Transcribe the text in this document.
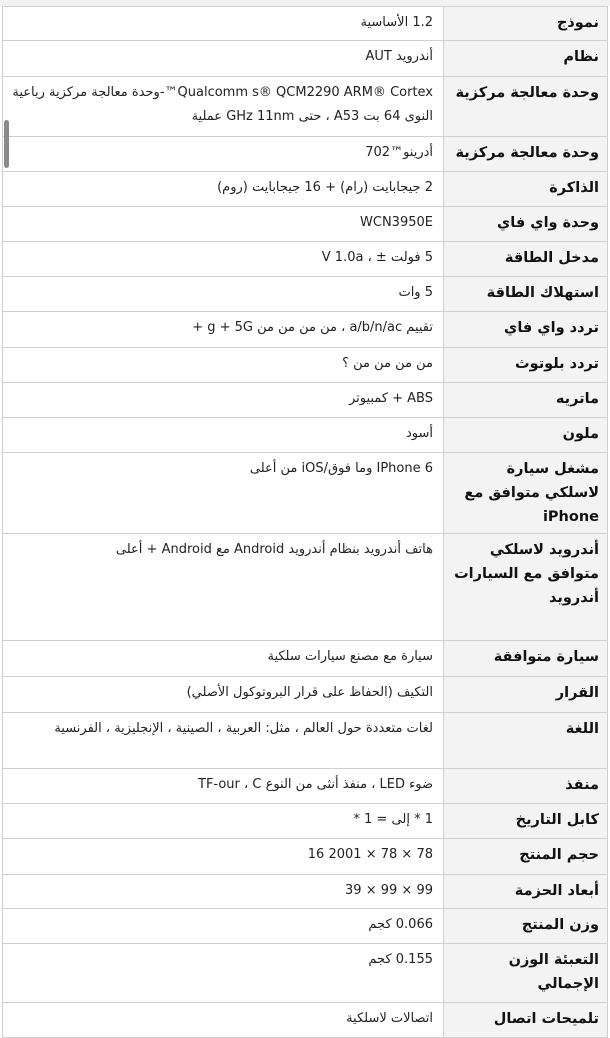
نموذج	1.2 الأساسية
نظام	أندرويد AUT
وحدة معالجة مركزية	Qualcomm s® QCM2290 ARM® Cortex™-وحدة معالجة مركزية رباعية النوى 64 بت A53 ، حتى GHz 11nm عملية
وحدة معالجة مركزية	أدرينو™702
الذاكرة	2 جيجابايت (رام) + 16 جيجابايت (روم)
وحدة واي فاي	WCN3950E
مدخل الطاقة	5 فولت ± ، V 1.0a
استهلاك الطاقة	5 وات
تردد واي فاي	تقييم a/b/n/ac ، من من من من g + 5G +
تردد بلوتوث	من من من من ؟
ماتريه	ABS + كمبيوتر
ملون	أسود
مشغل سيارة لاسلكي متوافق مع iPhone	IPhone 6 وما فوق/iOS من أعلى
أندرويد لاسلكي متوافق مع السيارات أندرويد	هاتف أندرويد بنظام أندرويد Android مع Android + أعلى
سيارة متوافقة	سيارة مع مصنع سيارات سلكية
القرار	التكيف (الحفاظ على قرار البروتوكول الأصلي)
اللغة	لغات متعددة حول العالم ، مثل: العربية ، الصينية ، الإنجليزية ، الفرنسية
منفذ	ضوء LED ، منفذ أنثى من النوع TF-our ، C
كابل التاريخ	1 * إلى = 1 *
حجم المنتج	78 × 78 × 2001 16
أبعاد الحزمة	99 × 99 × 39
وزن المنتج	0.066 كجم
التعبئة الوزن الإجمالي	0.155 كجم
تلميحات اتصال	اتصالات لاسلكية
